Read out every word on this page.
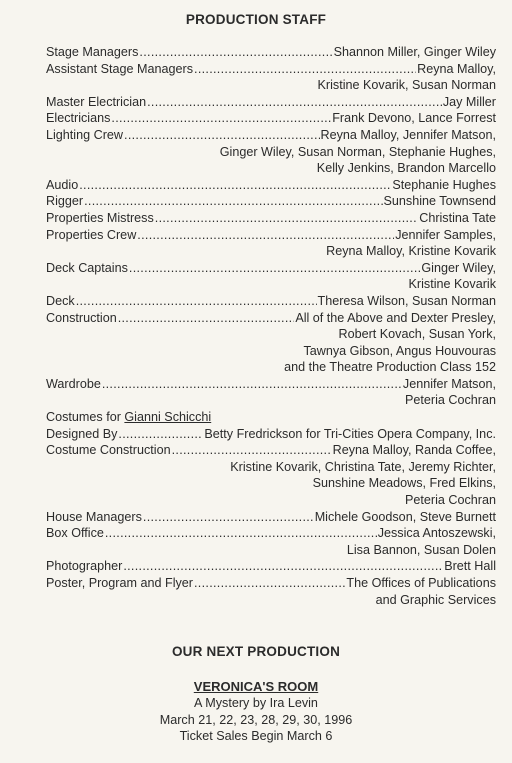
PRODUCTION STAFF
Stage Managers .....	Shannon Miller, Ginger Wiley
Assistant Stage Managers .....	Reyna Malloy,
Kristine Kovarik, Susan Norman
Master Electrician .....	Jay Miller
Electricians .....	Frank Devono, Lance Forrest
Lighting Crew .....	Reyna Malloy, Jennifer Matson,
Ginger Wiley, Susan Norman, Stephanie Hughes,
Kelly Jenkins, Brandon Marcello
Audio .....	Stephanie Hughes
Rigger .....	Sunshine Townsend
Properties Mistress .....	Christina Tate
Properties Crew .....	Jennifer Samples,
Reyna Malloy, Kristine Kovarik
Deck Captains .....	Ginger Wiley,
Kristine Kovarik
Deck .....	Theresa Wilson, Susan Norman
Construction .....	All of the Above and Dexter Presley,
Robert Kovach, Susan York,
Tawnya Gibson, Angus Houvouras
and the Theatre Production Class 152
Wardrobe .....	Jennifer Matson,
Peteria Cochran
Costumes for Gianni Schicchi
Designed By .....	Betty Fredrickson for Tri-Cities Opera Company, Inc.
Costume Construction .....	Reyna Malloy, Randa Coffee,
Kristine Kovarik, Christina Tate, Jeremy Richter,
Sunshine Meadows, Fred Elkins,
Peteria Cochran
House Managers .....	Michele Goodson, Steve Burnett
Box Office .....	Jessica Antoszewski,
Lisa Bannon, Susan Dolen
Photographer .....	Brett Hall
Poster, Program and Flyer .....	The Offices of Publications
and Graphic Services
OUR NEXT PRODUCTION
VERONICA'S ROOM
A Mystery by Ira Levin
March 21, 22, 23, 28, 29, 30, 1996
Ticket Sales Begin March 6
